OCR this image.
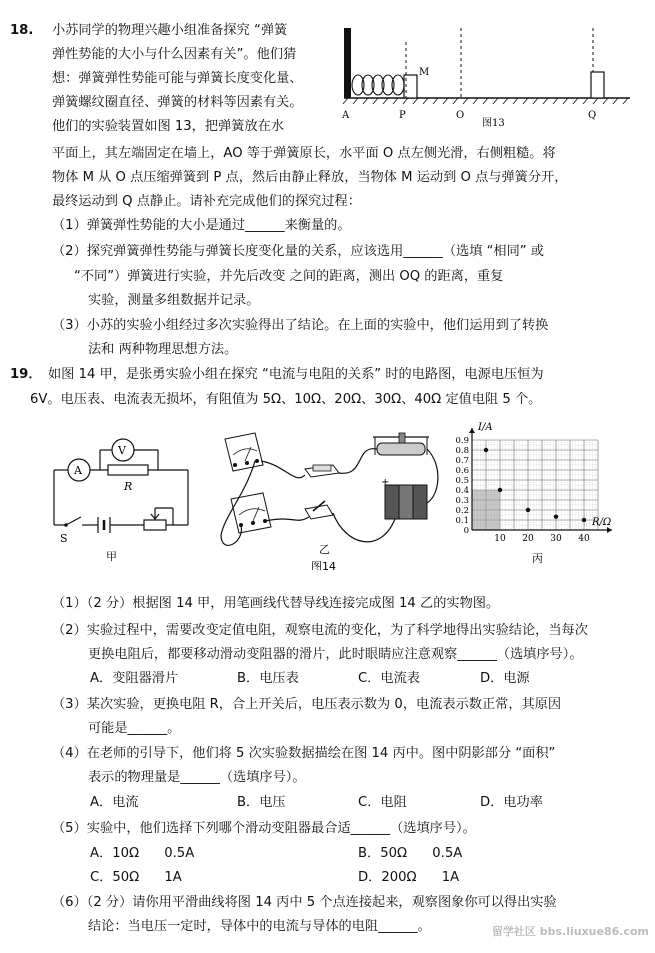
18. 小苏同学的物理兴趣小组准备探究 “弹簧
弹性势能的大小与什么因素有关”。他们猜
想：弹簧弹性势能可能与弹簧长度变化量、
弹簧螺纹圈直径、弹簧的材料等因素有关。
他们的实验装置如图 13，把弹簧放在水
平面上，其左端固定在墙上，AO 等于弹簧原长，水平面 O 点左侧光滑，右侧粗糙。将
物体 M 从 O 点压缩弹簧到 P 点，然后由静止释放，当物体 M 运动到 O 点与弹簧分开，
最终运动到 Q 点静止。请补充完成他们的探究过程：
（1）弹簧弹性势能的大小是通过______来衡量的。
（2）探究弹簧弹性势能与弹簧长度变化量的关系，应该选用______（选填 “相同” 或
“不同”）弹簧进行实验，并先后改变 之间的距离，测出 OQ 的距离，重复
实验，测量多组数据并记录。
（3）小苏的实验小组经过多次实验得出了结论。在上面的实验中，他们运用到了转换
法和 两种物理思想方法。
M
A	P	O	Q
图13
19． 如图 14 甲，是张勇实验小组在探究 “电流与电阻的关系” 时的电路图，电源电压恒为
6V。电压表、电流表无损坏，有阻值为 5Ω、10Ω、20Ω、30Ω、40Ω 定值电阻 5 个。
A
V
R
S
甲
+
乙
图14
0.9
0.8
0.7
0.6
0.5
0.4
0.3
0.2
0.1
0
10 20 30 40
I/A
R/Ω
丙
（1）（2 分）根据图 14 甲，用笔画线代替导线连接完成图 14 乙的实物图。
（2）实验过程中，需要改变定值电阻，观察电流的变化，为了科学地得出实验结论，当每次
更换电阻后，都要移动滑动变阻器的滑片，此时眼睛应注意观察______（选填序号）。
A．变阻器滑片	B．电压表	C．电流表	D．电源
（3）某次实验，更换电阻 R，合上开关后，电压表示数为 0，电流表示数正常，其原因
可能是______。
（4）在老师的引导下，他们将 5 次实验数据描绘在图 14 丙中。图中阴影部分 “面积”
表示的物理量是______（选填序号）。
A．电流	B．电压	C．电阻	D．电功率
（5）实验中，他们选择下列哪个滑动变阻器最合适______（选填序号）。
A．10Ω      0.5A	B．50Ω      0.5A
C．50Ω      1A	D．200Ω      1A
（6）（2 分）请你用平滑曲线将图 14 丙中 5 个点连接起来，观察图象你可以得出实验
结论：当电压一定时，导体中的电流与导体的电阻______。	留学社区 bbs.liuxue86.com
